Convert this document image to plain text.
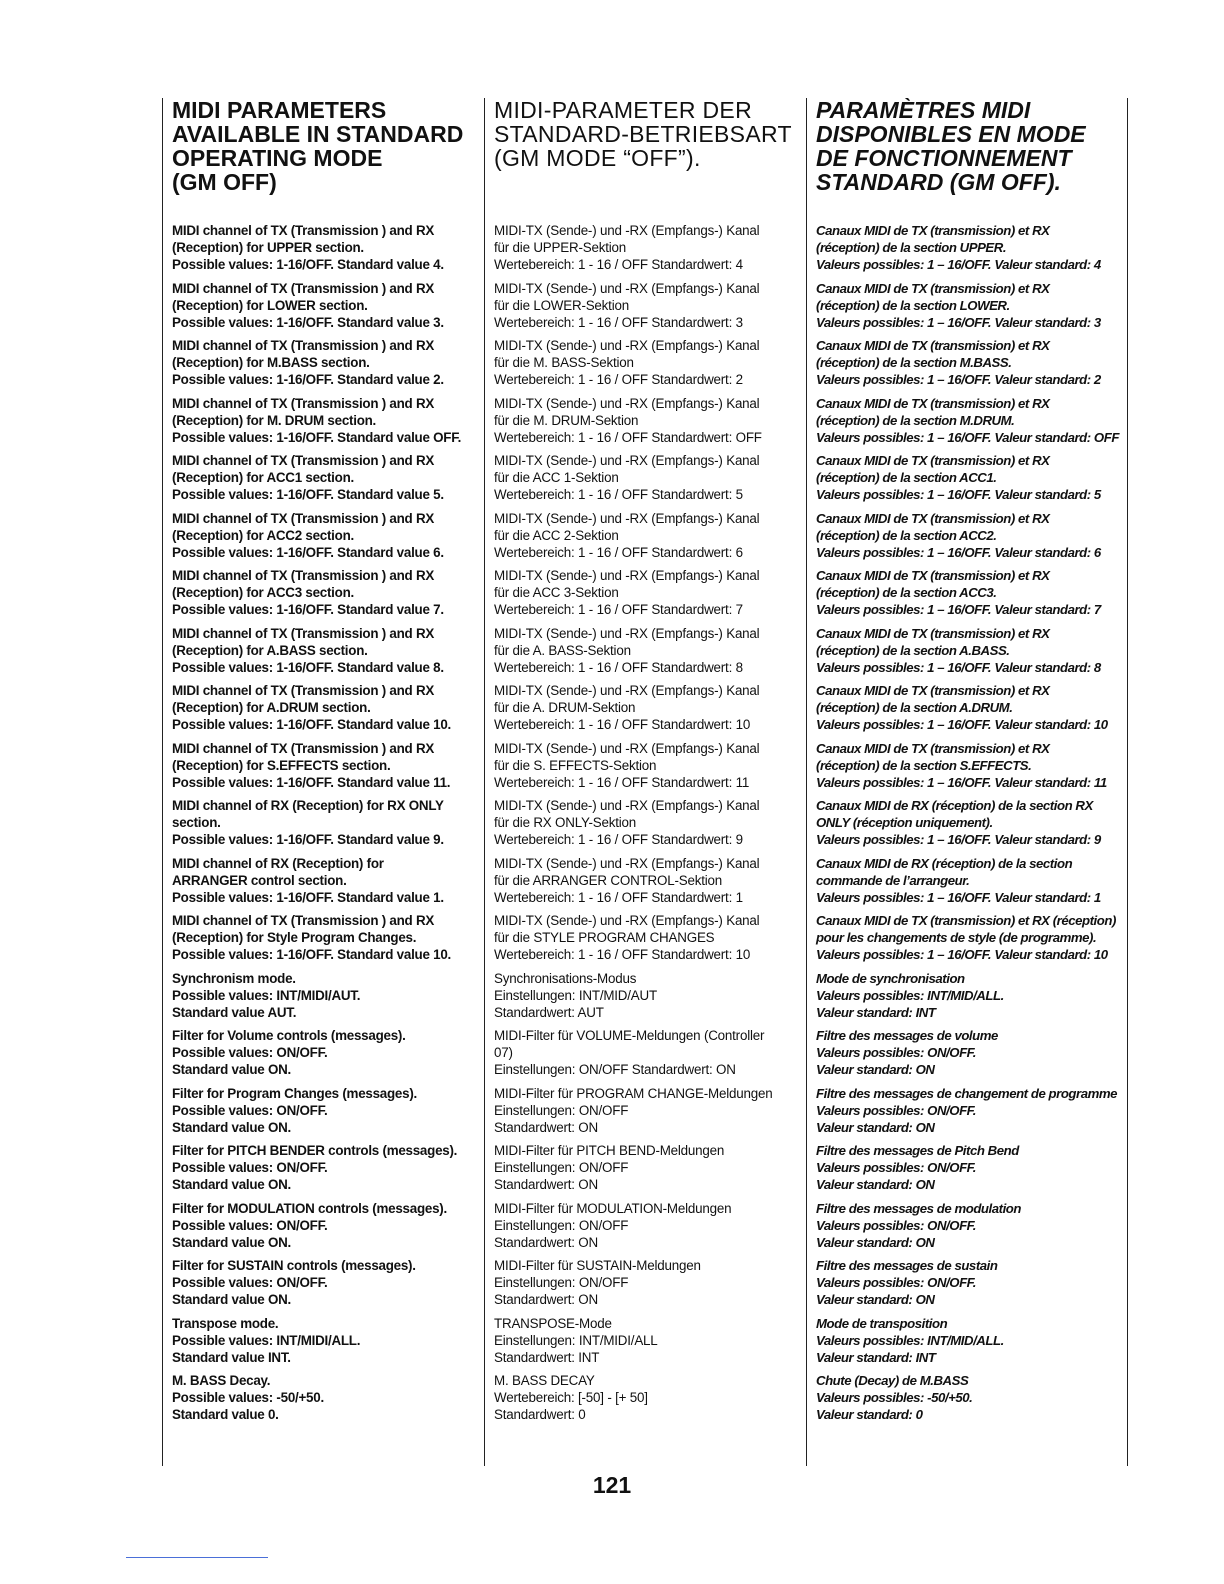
MIDI PARAMETERS
AVAILABLE IN STANDARD
OPERATING MODE
(GM OFF)
MIDI channel of TX (Transmission ) and RX
(Reception) for UPPER section.
Possible values: 1-16/OFF. Standard value 4.
MIDI channel of TX (Transmission ) and RX
(Reception) for LOWER section.
Possible values: 1-16/OFF. Standard value 3.
MIDI channel of TX (Transmission ) and RX
(Reception) for M.BASS section.
Possible values: 1-16/OFF. Standard value 2.
MIDI channel of TX (Transmission ) and RX
(Reception) for M. DRUM section.
Possible values: 1-16/OFF. Standard value OFF.
MIDI channel of TX (Transmission ) and RX
(Reception) for ACC1 section.
Possible values: 1-16/OFF. Standard value 5.
MIDI channel of TX (Transmission ) and RX
(Reception) for ACC2 section.
Possible values: 1-16/OFF. Standard value 6.
MIDI channel of TX (Transmission ) and RX
(Reception) for ACC3 section.
Possible values: 1-16/OFF. Standard value 7.
MIDI channel of TX (Transmission ) and RX
(Reception) for A.BASS section.
Possible values: 1-16/OFF. Standard value 8.
MIDI channel of TX (Transmission ) and RX
(Reception) for A.DRUM section.
Possible values: 1-16/OFF. Standard value 10.
MIDI channel of TX (Transmission ) and RX
(Reception) for S.EFFECTS section.
Possible values: 1-16/OFF. Standard value 11.
MIDI channel of RX (Reception) for RX ONLY
section.
Possible values: 1-16/OFF. Standard value 9.
MIDI channel of RX (Reception) for
ARRANGER control section.
Possible values: 1-16/OFF. Standard value 1.
MIDI channel of TX (Transmission ) and RX
(Reception) for Style Program Changes.
Possible values: 1-16/OFF. Standard value 10.
Synchronism mode.
Possible values: INT/MIDI/AUT.
Standard value AUT.
Filter for Volume controls (messages).
Possible values: ON/OFF.
Standard value ON.
Filter for Program Changes (messages).
Possible values: ON/OFF.
Standard value ON.
Filter for PITCH BENDER controls (messages).
Possible values: ON/OFF.
Standard value ON.
Filter for MODULATION controls (messages).
Possible values: ON/OFF.
Standard value ON.
Filter for SUSTAIN controls (messages).
Possible values: ON/OFF.
Standard value ON.
Transpose mode.
Possible values: INT/MIDI/ALL.
Standard value INT.
M. BASS Decay.
Possible values: -50/+50.
Standard value 0.
MIDI-PARAMETER DER
STANDARD-BETRIEBSART
(GM MODE “OFF”).
MIDI-TX (Sende-) und -RX (Empfangs-) Kanal
für die UPPER-Sektion
Wertebereich: 1 - 16 / OFF Standardwert: 4
MIDI-TX (Sende-) und -RX (Empfangs-) Kanal
für die LOWER-Sektion
Wertebereich: 1 - 16 / OFF Standardwert: 3
MIDI-TX (Sende-) und -RX (Empfangs-) Kanal
für die M. BASS-Sektion
Wertebereich: 1 - 16 / OFF Standardwert: 2
MIDI-TX (Sende-) und -RX (Empfangs-) Kanal
für die M. DRUM-Sektion
Wertebereich: 1 - 16 / OFF Standardwert: OFF
MIDI-TX (Sende-) und -RX (Empfangs-) Kanal
für die ACC 1-Sektion
Wertebereich: 1 - 16 / OFF Standardwert: 5
MIDI-TX (Sende-) und -RX (Empfangs-) Kanal
für die ACC 2-Sektion
Wertebereich: 1 - 16 / OFF Standardwert: 6
MIDI-TX (Sende-) und -RX (Empfangs-) Kanal
für die ACC 3-Sektion
Wertebereich: 1 - 16 / OFF Standardwert: 7
MIDI-TX (Sende-) und -RX (Empfangs-) Kanal
für die A. BASS-Sektion
Wertebereich: 1 - 16 / OFF Standardwert: 8
MIDI-TX (Sende-) und -RX (Empfangs-) Kanal
für die A. DRUM-Sektion
Wertebereich: 1 - 16 / OFF Standardwert: 10
MIDI-TX (Sende-) und -RX (Empfangs-) Kanal
für die S. EFFECTS-Sektion
Wertebereich: 1 - 16 / OFF Standardwert: 11
MIDI-TX (Sende-) und -RX (Empfangs-) Kanal
für die RX ONLY-Sektion
Wertebereich: 1 - 16 / OFF Standardwert: 9
MIDI-TX (Sende-) und -RX (Empfangs-) Kanal
für die ARRANGER CONTROL-Sektion
Wertebereich: 1 - 16 / OFF Standardwert: 1
MIDI-TX (Sende-) und -RX (Empfangs-) Kanal
für die STYLE PROGRAM CHANGES
Wertebereich: 1 - 16 / OFF Standardwert: 10
Synchronisations-Modus
Einstellungen: INT/MID/AUT
Standardwert: AUT
MIDI-Filter für VOLUME-Meldungen (Controller
07)
Einstellungen: ON/OFF Standardwert: ON
MIDI-Filter für PROGRAM CHANGE-Meldungen
Einstellungen: ON/OFF
Standardwert: ON
MIDI-Filter für PITCH BEND-Meldungen
Einstellungen: ON/OFF
Standardwert: ON
MIDI-Filter für MODULATION-Meldungen
Einstellungen: ON/OFF
Standardwert: ON
MIDI-Filter für SUSTAIN-Meldungen
Einstellungen: ON/OFF
Standardwert: ON
TRANSPOSE-Mode
Einstellungen: INT/MIDI/ALL
Standardwert: INT
M. BASS DECAY
Wertebereich: [-50] - [+ 50]
Standardwert: 0
PARAMÈTRES MIDI
DISPONIBLES EN MODE
DE FONCTIONNEMENT
STANDARD (GM OFF).
Canaux MIDI de TX (transmission) et RX
(réception) de la section UPPER.
Valeurs possibles: 1 – 16/OFF. Valeur standard: 4
Canaux MIDI de TX (transmission) et RX
(réception) de la section LOWER.
Valeurs possibles: 1 – 16/OFF. Valeur standard: 3
Canaux MIDI de TX (transmission) et RX
(réception) de la section M.BASS.
Valeurs possibles: 1 – 16/OFF. Valeur standard: 2
Canaux MIDI de TX (transmission) et RX
(réception) de la section M.DRUM.
Valeurs possibles: 1 – 16/OFF. Valeur standard: OFF
Canaux MIDI de TX (transmission) et RX
(réception) de la section ACC1.
Valeurs possibles: 1 – 16/OFF. Valeur standard: 5
Canaux MIDI de TX (transmission) et RX
(réception) de la section ACC2.
Valeurs possibles: 1 – 16/OFF. Valeur standard: 6
Canaux MIDI de TX (transmission) et RX
(réception) de la section ACC3.
Valeurs possibles: 1 – 16/OFF. Valeur standard: 7
Canaux MIDI de TX (transmission) et RX
(réception) de la section A.BASS.
Valeurs possibles: 1 – 16/OFF. Valeur standard: 8
Canaux MIDI de TX (transmission) et RX
(réception) de la section A.DRUM.
Valeurs possibles: 1 – 16/OFF. Valeur standard: 10
Canaux MIDI de TX (transmission) et RX
(réception) de la section S.EFFECTS.
Valeurs possibles: 1 – 16/OFF. Valeur standard: 11
Canaux MIDI de RX (réception) de la section RX
ONLY (réception uniquement).
Valeurs possibles: 1 – 16/OFF. Valeur standard: 9
Canaux MIDI de RX (réception) de la section
commande de l’arrangeur.
Valeurs possibles: 1 – 16/OFF. Valeur standard: 1
Canaux MIDI de TX (transmission) et RX (réception)
pour les changements de style (de programme).
Valeurs possibles: 1 – 16/OFF. Valeur standard: 10
Mode de synchronisation
Valeurs possibles: INT/MID/ALL.
Valeur standard: INT
Filtre des messages de volume
Valeurs possibles: ON/OFF.
Valeur standard: ON
Filtre des messages de changement de programme
Valeurs possibles: ON/OFF.
Valeur standard: ON
Filtre des messages de Pitch Bend
Valeurs possibles: ON/OFF.
Valeur standard: ON
Filtre des messages de modulation
Valeurs possibles: ON/OFF.
Valeur standard: ON
Filtre des messages de sustain
Valeurs possibles: ON/OFF.
Valeur standard: ON
Mode de transposition
Valeurs possibles: INT/MID/ALL.
Valeur standard: INT
Chute (Decay) de M.BASS
Valeurs possibles: -50/+50.
Valeur standard: 0
121
